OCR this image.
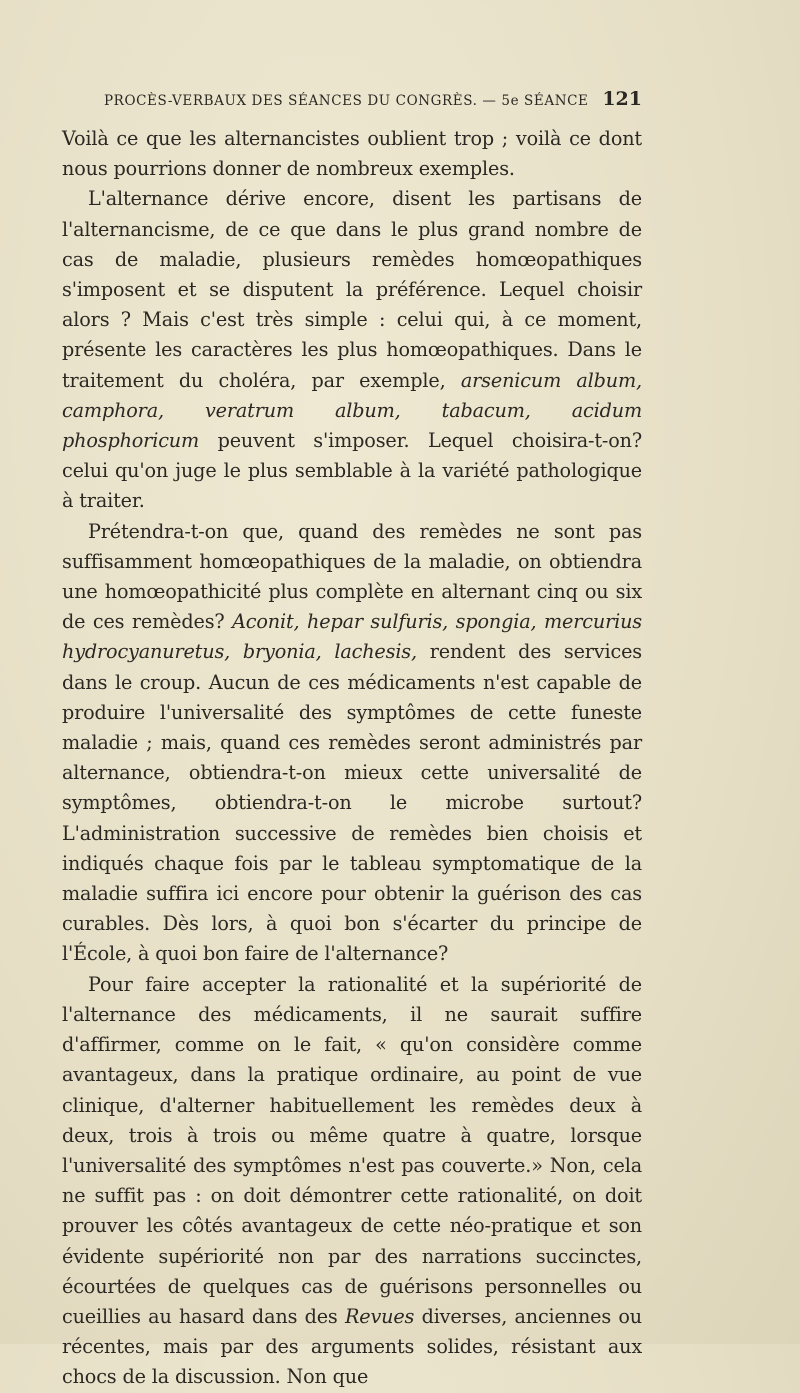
PROCÈS-VERBAUX DES SÉANCES DU CONGRÈS. — 5e SÉANCE 121

Voilà ce que les alternancistes oublient trop ; voilà ce dont nous pourrions donner de nombreux exemples.

L'alternance dérive encore, disent les partisans de l'alternancisme, de ce que dans le plus grand nombre de cas de maladie, plusieurs remèdes homœopathiques s'imposent et se disputent la préférence. Lequel choisir alors ? Mais c'est très simple : celui qui, à ce moment, présente les caractères les plus homœopathiques. Dans le traitement du choléra, par exemple, arsenicum album, camphora, veratrum album, tabacum, acidum phosphoricum peuvent s'imposer. Lequel choisira-t-on? celui qu'on juge le plus semblable à la variété pathologique à traiter.

Prétendra-t-on que, quand des remèdes ne sont pas suffisamment homœopathiques de la maladie, on obtiendra une homœopathicité plus complète en alternant cinq ou six de ces remèdes? Aconit, hepar sulfuris, spongia, mercurius hydrocyanuretus, bryonia, lachesis, rendent des services dans le croup. Aucun de ces médicaments n'est capable de produire l'universalité des symptômes de cette funeste maladie ; mais, quand ces remèdes seront administrés par alternance, obtiendra-t-on mieux cette universalité de symptômes, obtiendra-t-on le microbe surtout? L'administration successive de remèdes bien choisis et indiqués chaque fois par le tableau symptomatique de la maladie suffira ici encore pour obtenir la guérison des cas curables. Dès lors, à quoi bon s'écarter du principe de l'École, à quoi bon faire de l'alternance?

Pour faire accepter la rationalité et la supériorité de l'alternance des médicaments, il ne saurait suffire d'affirmer, comme on le fait, « qu'on considère comme avantageux, dans la pratique ordinaire, au point de vue clinique, d'alterner habituellement les remèdes deux à deux, trois à trois ou même quatre à quatre, lorsque l'universalité des symptômes n'est pas couverte.» Non, cela ne suffit pas : on doit démontrer cette rationalité, on doit prouver les côtés avantageux de cette néo-pratique et son évidente supériorité non par des narrations succinctes, écourtées de quelques cas de guérisons personnelles ou cueillies au hasard dans des Revues diverses, anciennes ou récentes, mais par des arguments solides, résistant aux chocs de la discussion. Non que
